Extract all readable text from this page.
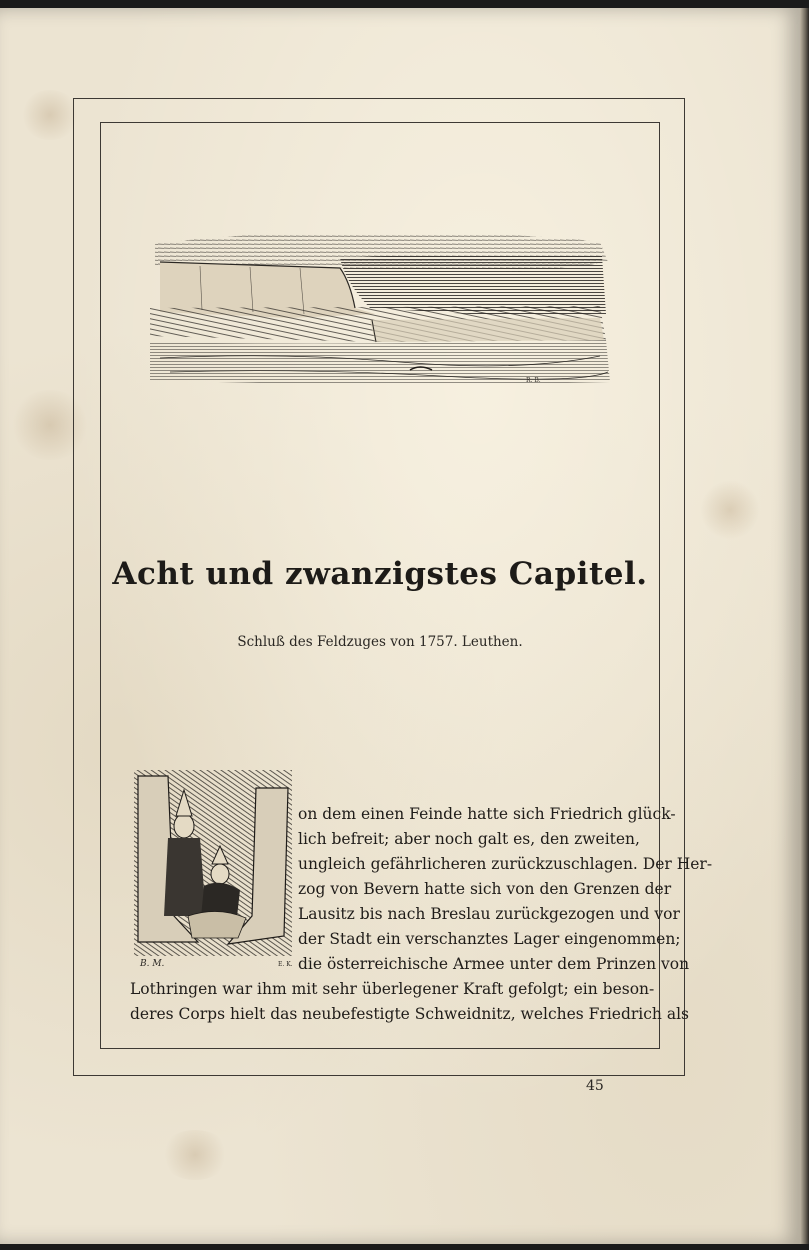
R. B.
Acht und zwanzigstes Capitel.
Schluß des Feldzuges von 1757. Leuthen.
B. M.	E. K.
on dem einen Feinde hatte sich Friedrich glück-
lich befreit; aber noch galt es, den zweiten,
ungleich gefährlicheren zurückzuschlagen. Der Her-
zog von Bevern hatte sich von den Grenzen der
Lausitz bis nach Breslau zurückgezogen und vor
der Stadt ein verschanztes Lager eingenommen;
die österreichische Armee unter dem Prinzen von
Lothringen war ihm mit sehr überlegener Kraft gefolgt; ein beson-
deres Corps hielt das neubefestigte Schweidnitz, welches Friedrich als
45
